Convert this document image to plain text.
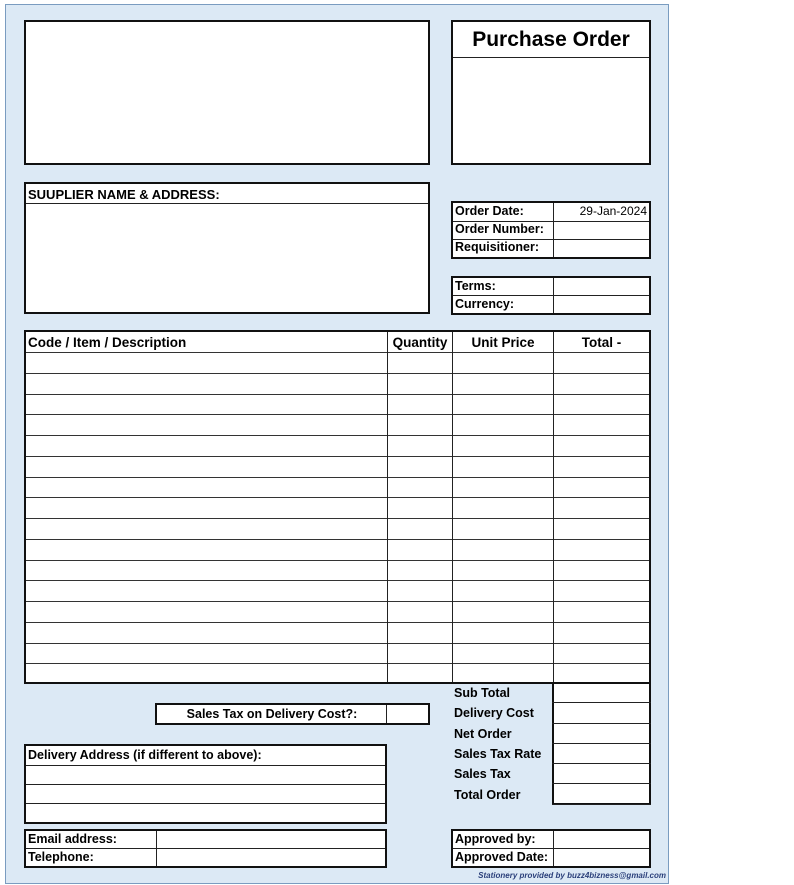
Purchase Order
SUUPLIER NAME & ADDRESS:
Order Date:	29-Jan-2024
Order Number:
Requisitioner:
Terms:
Currency:
Code / Item / Description	Quantity	Unit Price	Total -
Sub Total
Delivery Cost
Net Order
Sales Tax Rate
Sales Tax
Total Order
Sales Tax on Delivery Cost?:
Delivery Address (if different to above):
Email address:
Telephone:
Approved by:
Approved Date:
Stationery provided by buzz4bizness@gmail.com
